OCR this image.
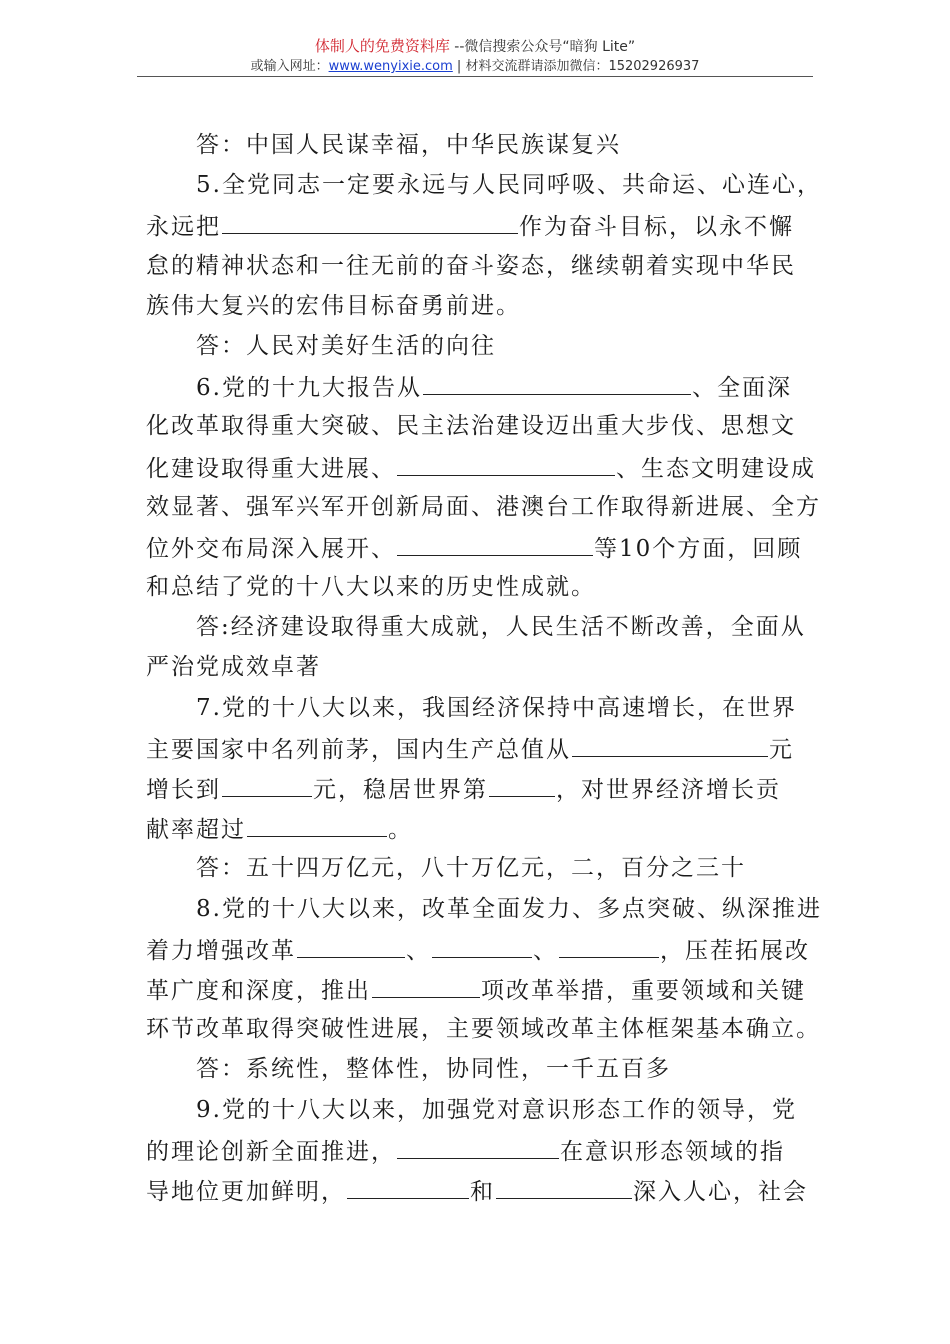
体制人的免费资料库 --微信搜索公众号“暗狗 Lite”
或输入网址：www.wenyixie.com | 材料交流群请添加微信：15202926937
答：中国人民谋幸福，中华民族谋复兴
5.全党同志一定要永远与人民同呼吸、共命运、心连心，
永远把	作为奋斗目标，以永不懈
怠的精神状态和一往无前的奋斗姿态，继续朝着实现中华民
族伟大复兴的宏伟目标奋勇前进。
答：人民对美好生活的向往
6.党的十九大报告从	、全面深
化改革取得重大突破、民主法治建设迈出重大步伐、思想文
化建设取得重大进展、	、生态文明建设成
效显著、强军兴军开创新局面、港澳台工作取得新进展、全方
位外交布局深入展开、	等10个方面，回顾
和总结了党的十八大以来的历史性成就。
答:经济建设取得重大成就，人民生活不断改善，全面从
严治党成效卓著
7.党的十八大以来，我国经济保持中高速增长，在世界
主要国家中名列前茅，国内生产总值从	元
增长到	元，稳居世界第	，对世界经济增长贡
献率超过	。
答：五十四万亿元，八十万亿元，二，百分之三十
8.党的十八大以来，改革全面发力、多点突破、纵深推进
着力增强改革	、	、	，压茬拓展改
革广度和深度，推出	项改革举措，重要领域和关键
环节改革取得突破性进展，主要领域改革主体框架基本确立。
答：系统性，整体性，协同性，一千五百多
9.党的十八大以来，加强党对意识形态工作的领导，党
的理论创新全面推进，	在意识形态领域的指
导地位更加鲜明，	和	深入人心，社会
